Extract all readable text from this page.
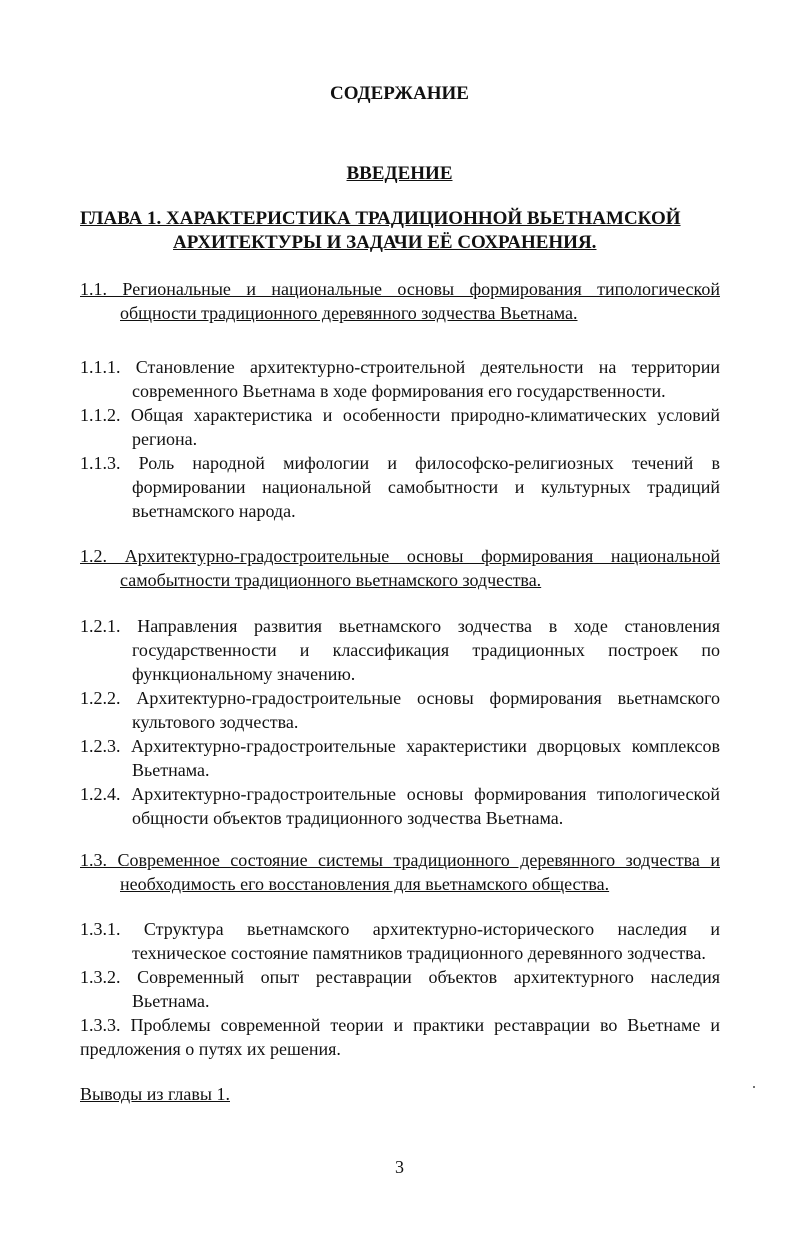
СОДЕРЖАНИЕ
ВВЕДЕНИЕ
ГЛАВА 1. ХАРАКТЕРИСТИКА ТРАДИЦИОННОЙ ВЬЕТНАМСКОЙ
АРХИТЕКТУРЫ И ЗАДАЧИ ЕЁ СОХРАНЕНИЯ.
1.1. Региональные и национальные основы формирования типологической общности традиционного деревянного зодчества Вьетнама.

1.1.1. Становление архитектурно-строительной деятельности на территории современного Вьетнама в ходе формирования его государственности.

1.1.2. Общая характеристика и особенности природно-климатических условий региона.

1.1.3. Роль народной мифологии и философско-религиозных течений в формировании национальной самобытности и культурных традиций вьетнамского народа.

1.2. Архитектурно-градостроительные основы формирования национальной самобытности традиционного вьетнамского зодчества.

1.2.1. Направления развития вьетнамского зодчества в ходе становления государственности и классификация традиционных построек по функциональному значению.

1.2.2. Архитектурно-градостроительные основы формирования вьетнамского культового зодчества.

1.2.3. Архитектурно-градостроительные характеристики дворцовых комплексов Вьетнама.

1.2.4. Архитектурно-градостроительные основы формирования типологической общности объектов традиционного зодчества Вьетнама.

1.3. Современное состояние системы традиционного деревянного зодчества и необходимость его восстановления для вьетнамского общества.

1.3.1. Структура вьетнамского архитектурно-исторического наследия и техническое состояние памятников традиционного деревянного зодчества.

1.3.2. Современный опыт реставрации объектов архитектурного наследия Вьетнама.

1.3.3. Проблемы современной теории и практики реставрации во Вьетнаме и предложения о путях их решения.

Выводы из главы 1.
3
